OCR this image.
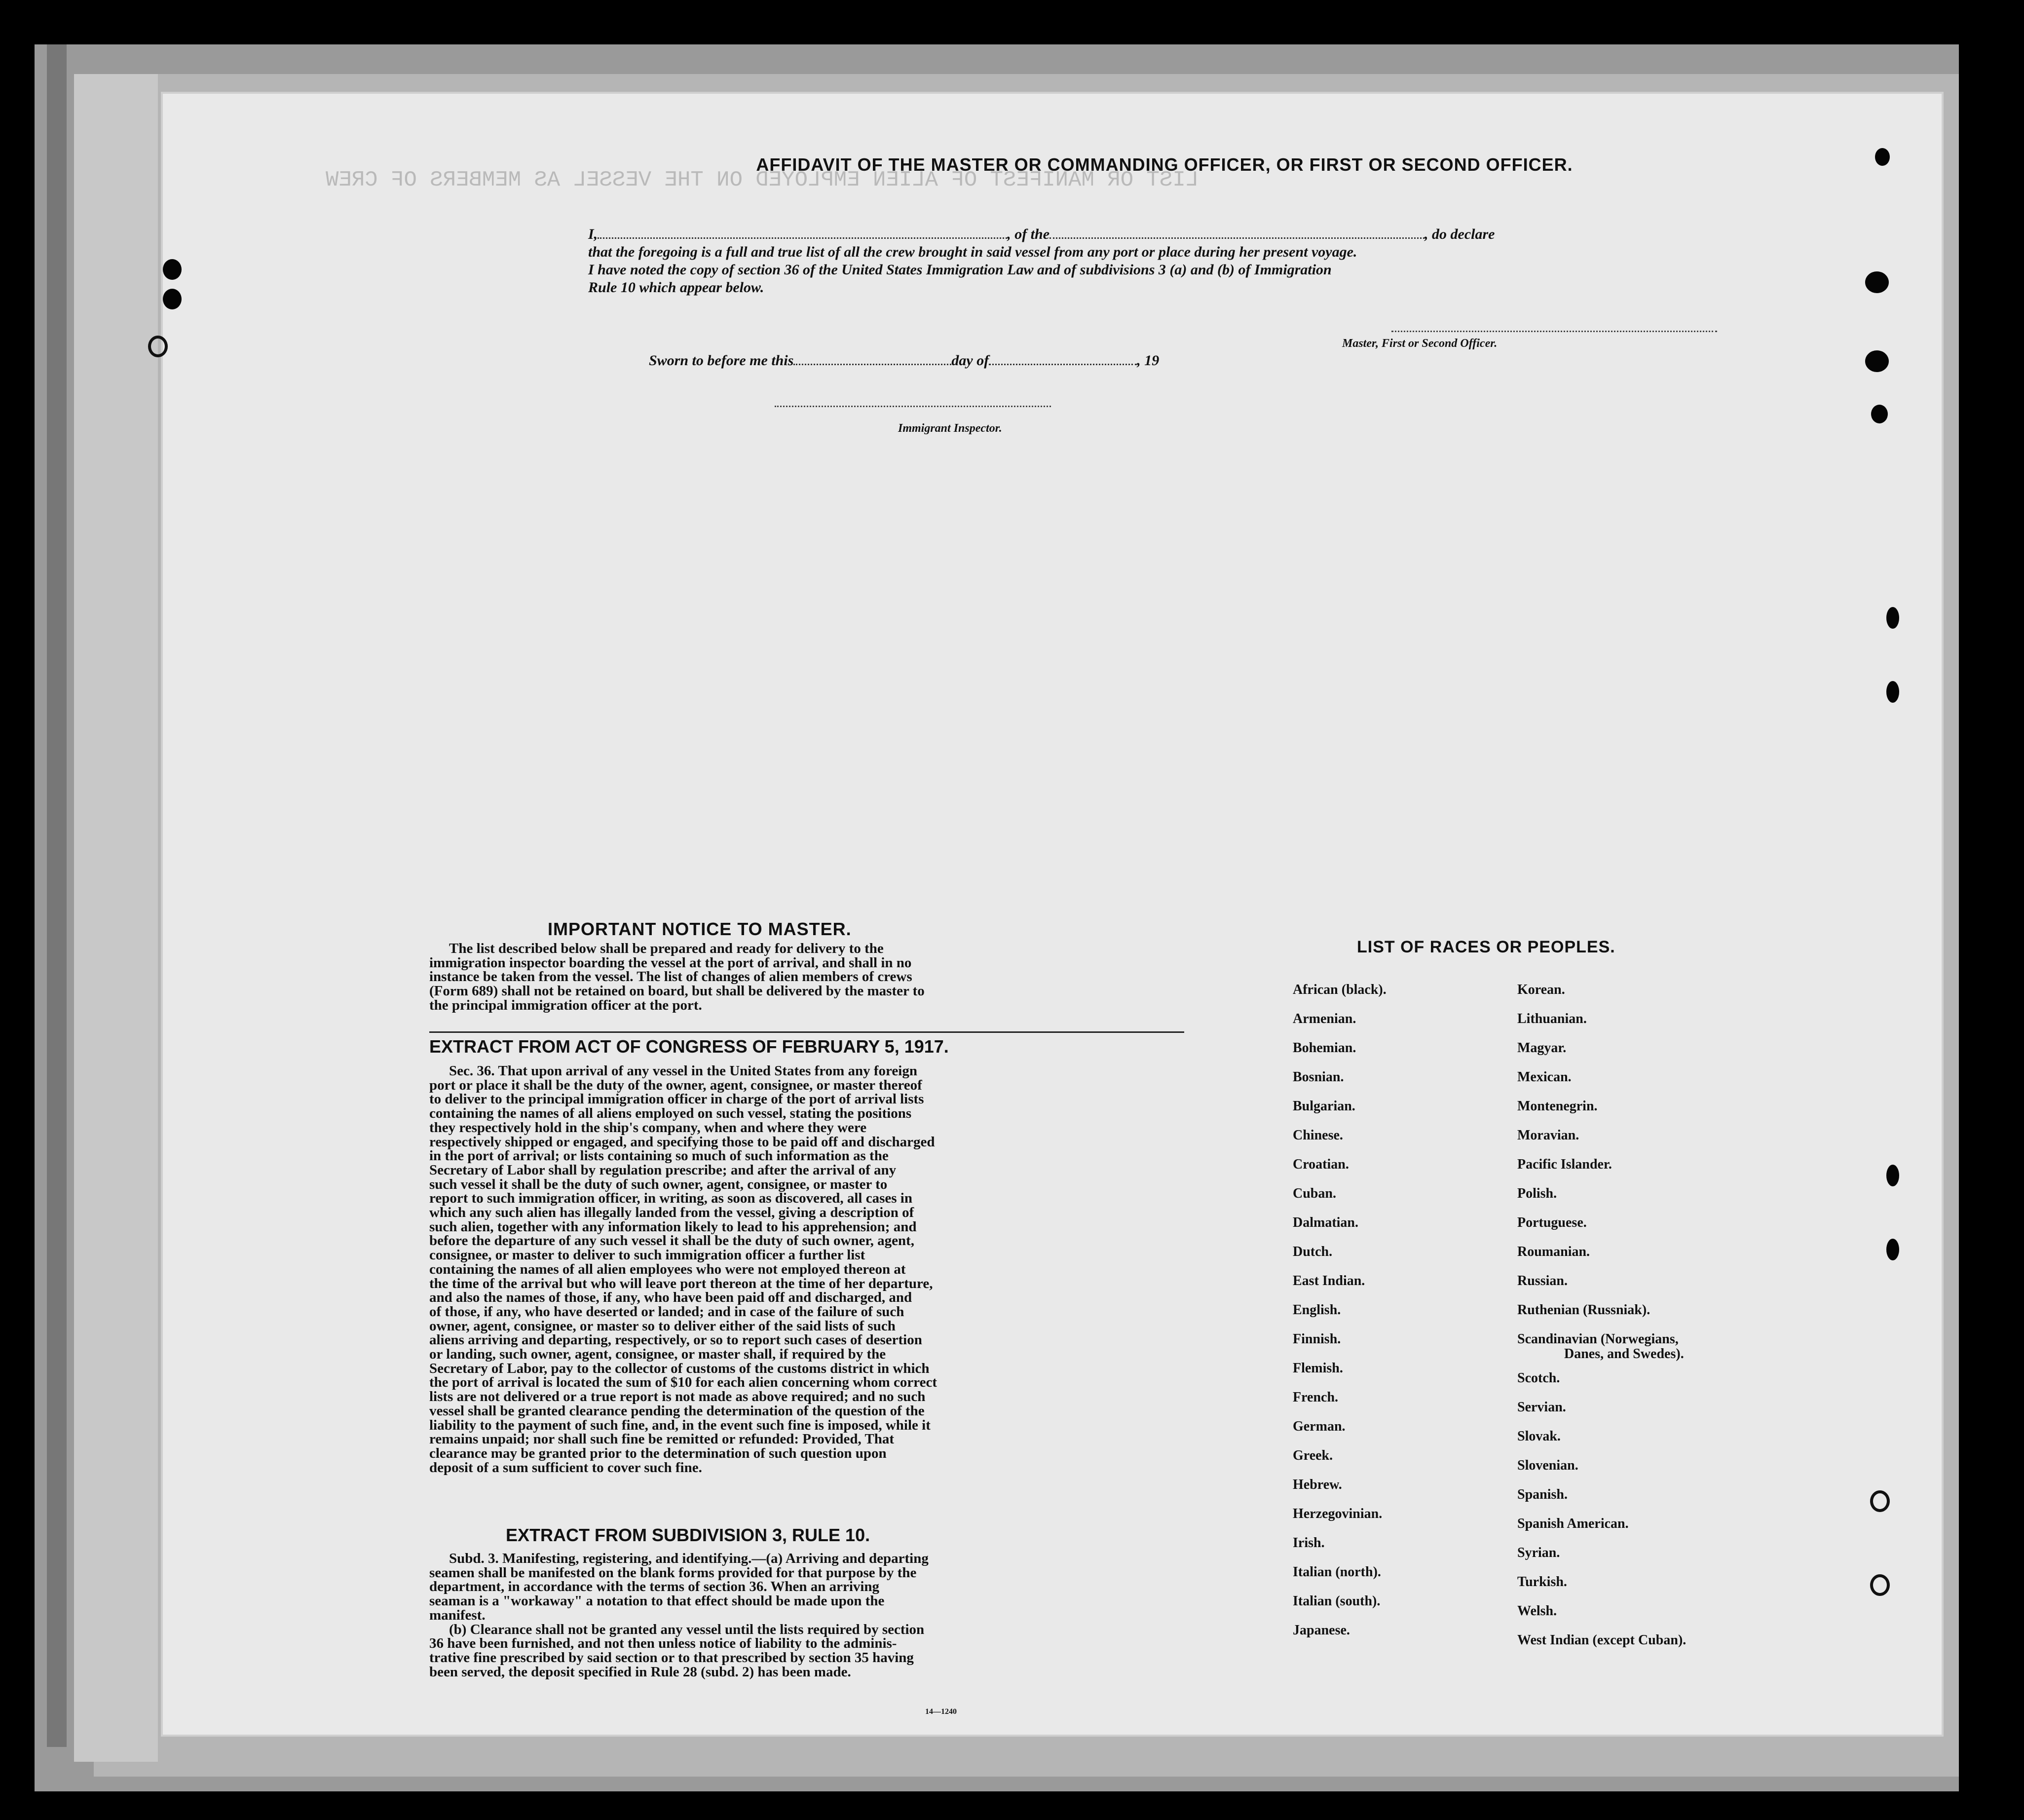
LIST OR MANIFEST OF ALIEN EMPLOYED ON THE VESSEL AS MEMBERS OF CREW
AFFIDAVIT OF THE MASTER OR COMMANDING OFFICER, OR FIRST OR SECOND OFFICER.
I,	, of the	, do declare
that the foregoing is a full and true list of all the crew brought in said vessel from any port or place during her present voyage.
I have noted the copy of section 36 of the United States Immigration Law and of subdivisions 3 (a) and (b) of Immigration
Rule 10 which appear below.
Master, First or Second Officer.
Sworn to before me this	day of	, 19
Immigrant Inspector.
IMPORTANT NOTICE TO MASTER.
The list described below shall be prepared and ready for delivery to the
immigration inspector boarding the vessel at the port of arrival, and shall in no
instance be taken from the vessel. The list of changes of alien members of crews
(Form 689) shall not be retained on board, but shall be delivered by the master to
the principal immigration officer at the port.
EXTRACT FROM ACT OF CONGRESS OF FEBRUARY 5, 1917.
Sec. 36. That upon arrival of any vessel in the United States from any foreign
port or place it shall be the duty of the owner, agent, consignee, or master thereof
to deliver to the principal immigration officer in charge of the port of arrival lists
containing the names of all aliens employed on such vessel, stating the positions
they respectively hold in the ship's company, when and where they were
respectively shipped or engaged, and specifying those to be paid off and discharged
in the port of arrival; or lists containing so much of such information as the
Secretary of Labor shall by regulation prescribe; and after the arrival of any
such vessel it shall be the duty of such owner, agent, consignee, or master to
report to such immigration officer, in writing, as soon as discovered, all cases in
which any such alien has illegally landed from the vessel, giving a description of
such alien, together with any information likely to lead to his apprehension; and
before the departure of any such vessel it shall be the duty of such owner, agent,
consignee, or master to deliver to such immigration officer a further list
containing the names of all alien employees who were not employed thereon at
the time of the arrival but who will leave port thereon at the time of her departure,
and also the names of those, if any, who have been paid off and discharged, and
of those, if any, who have deserted or landed; and in case of the failure of such
owner, agent, consignee, or master so to deliver either of the said lists of such
aliens arriving and departing, respectively, or so to report such cases of desertion
or landing, such owner, agent, consignee, or master shall, if required by the
Secretary of Labor, pay to the collector of customs of the customs district in which
the port of arrival is located the sum of $10 for each alien concerning whom correct
lists are not delivered or a true report is not made as above required; and no such
vessel shall be granted clearance pending the determination of the question of the
liability to the payment of such fine, and, in the event such fine is imposed, while it
remains unpaid; nor shall such fine be remitted or refunded: Provided, That
clearance may be granted prior to the determination of such question upon
deposit of a sum sufficient to cover such fine.
EXTRACT FROM SUBDIVISION 3, RULE 10.
Subd. 3. Manifesting, registering, and identifying.—(a) Arriving and departing
seamen shall be manifested on the blank forms provided for that purpose by the
department, in accordance with the terms of section 36. When an arriving
seaman is a "workaway" a notation to that effect should be made upon the
manifest.
(b) Clearance shall not be granted any vessel until the lists required by section
36 have been furnished, and not then unless notice of liability to the adminis-
trative fine prescribed by said section or to that prescribed by section 35 having
been served, the deposit specified in Rule 28 (subd. 2) has been made.
14—1240
LIST OF RACES OR PEOPLES.
African (black).
Armenian.
Bohemian.
Bosnian.
Bulgarian.
Chinese.
Croatian.
Cuban.
Dalmatian.
Dutch.
East Indian.
English.
Finnish.
Flemish.
French.
German.
Greek.
Hebrew.
Herzegovinian.
Irish.
Italian (north).
Italian (south).
Japanese.
Korean.
Lithuanian.
Magyar.
Mexican.
Montenegrin.
Moravian.
Pacific Islander.
Polish.
Portuguese.
Roumanian.
Russian.
Ruthenian (Russniak).
Scandinavian (Norwegians,
Danes, and Swedes).
Scotch.
Servian.
Slovak.
Slovenian.
Spanish.
Spanish American.
Syrian.
Turkish.
Welsh.
West Indian (except Cuban).
